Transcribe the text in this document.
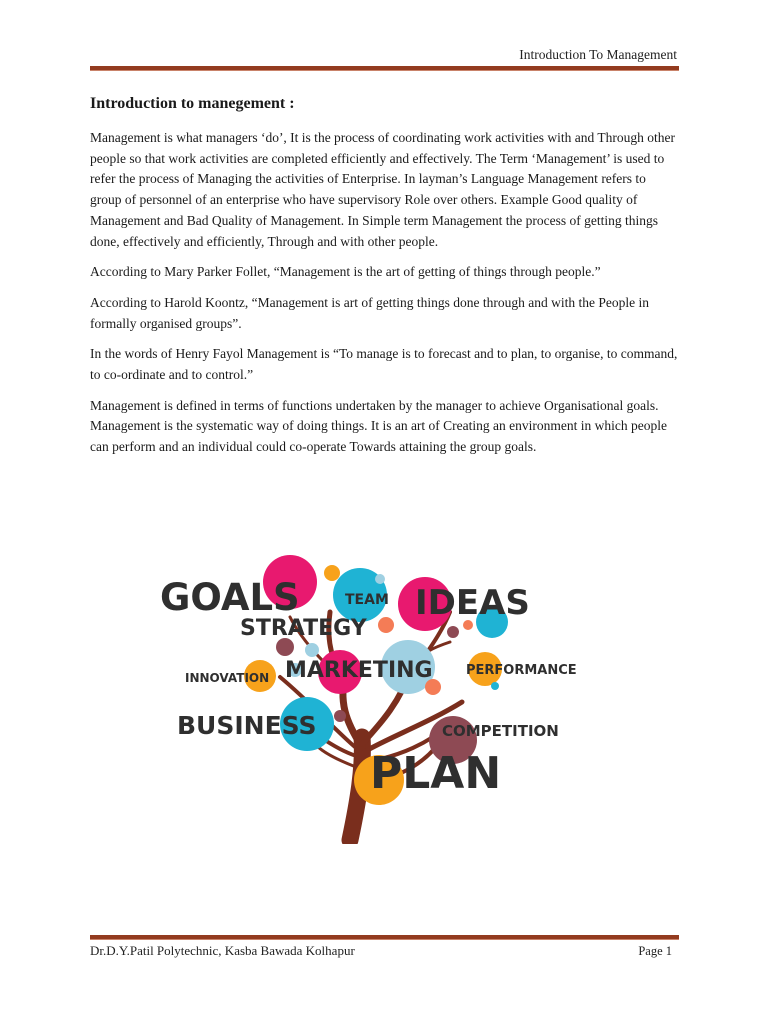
Introduction To Management
Introduction to manegement :

Management is what managers ‘do’, It is the process of coordinating work activities with and Through other people so that work activities are completed efficiently and effectively. The Term ‘Management’ is used to refer the process of Managing the activities of Enterprise. In layman’s Language Management refers to group of personnel of an enterprise who have supervisory Role over others. Example Good quality of Management and Bad Quality of Management. In Simple term Management the process of getting things done, effectively and efficiently, Through and with other people.

According to Mary Parker Follet, “Management is the art of getting of things through people.”

According to Harold Koontz, “Management is art of getting things done through and with the People in formally organised groups”.

In the words of Henry Fayol Management is “To manage is to forecast and to plan, to organise, to command, to co-ordinate and to control.”

Management is defined in terms of functions undertaken by the manager to achieve Organisational goals. Management is the systematic way of doing things. It is an art of Creating an environment in which people can perform and an individual could co-operate Towards attaining the group goals.

GOALS	TEAM IDEAS
STRATEGY
INNOVATION MARKETING	PERFORMANCE
BUSINESS	COMPETITION
PLAN
Dr.D.Y.Patil Polytechnic, Kasba Bawada Kolhapur	Page 1
